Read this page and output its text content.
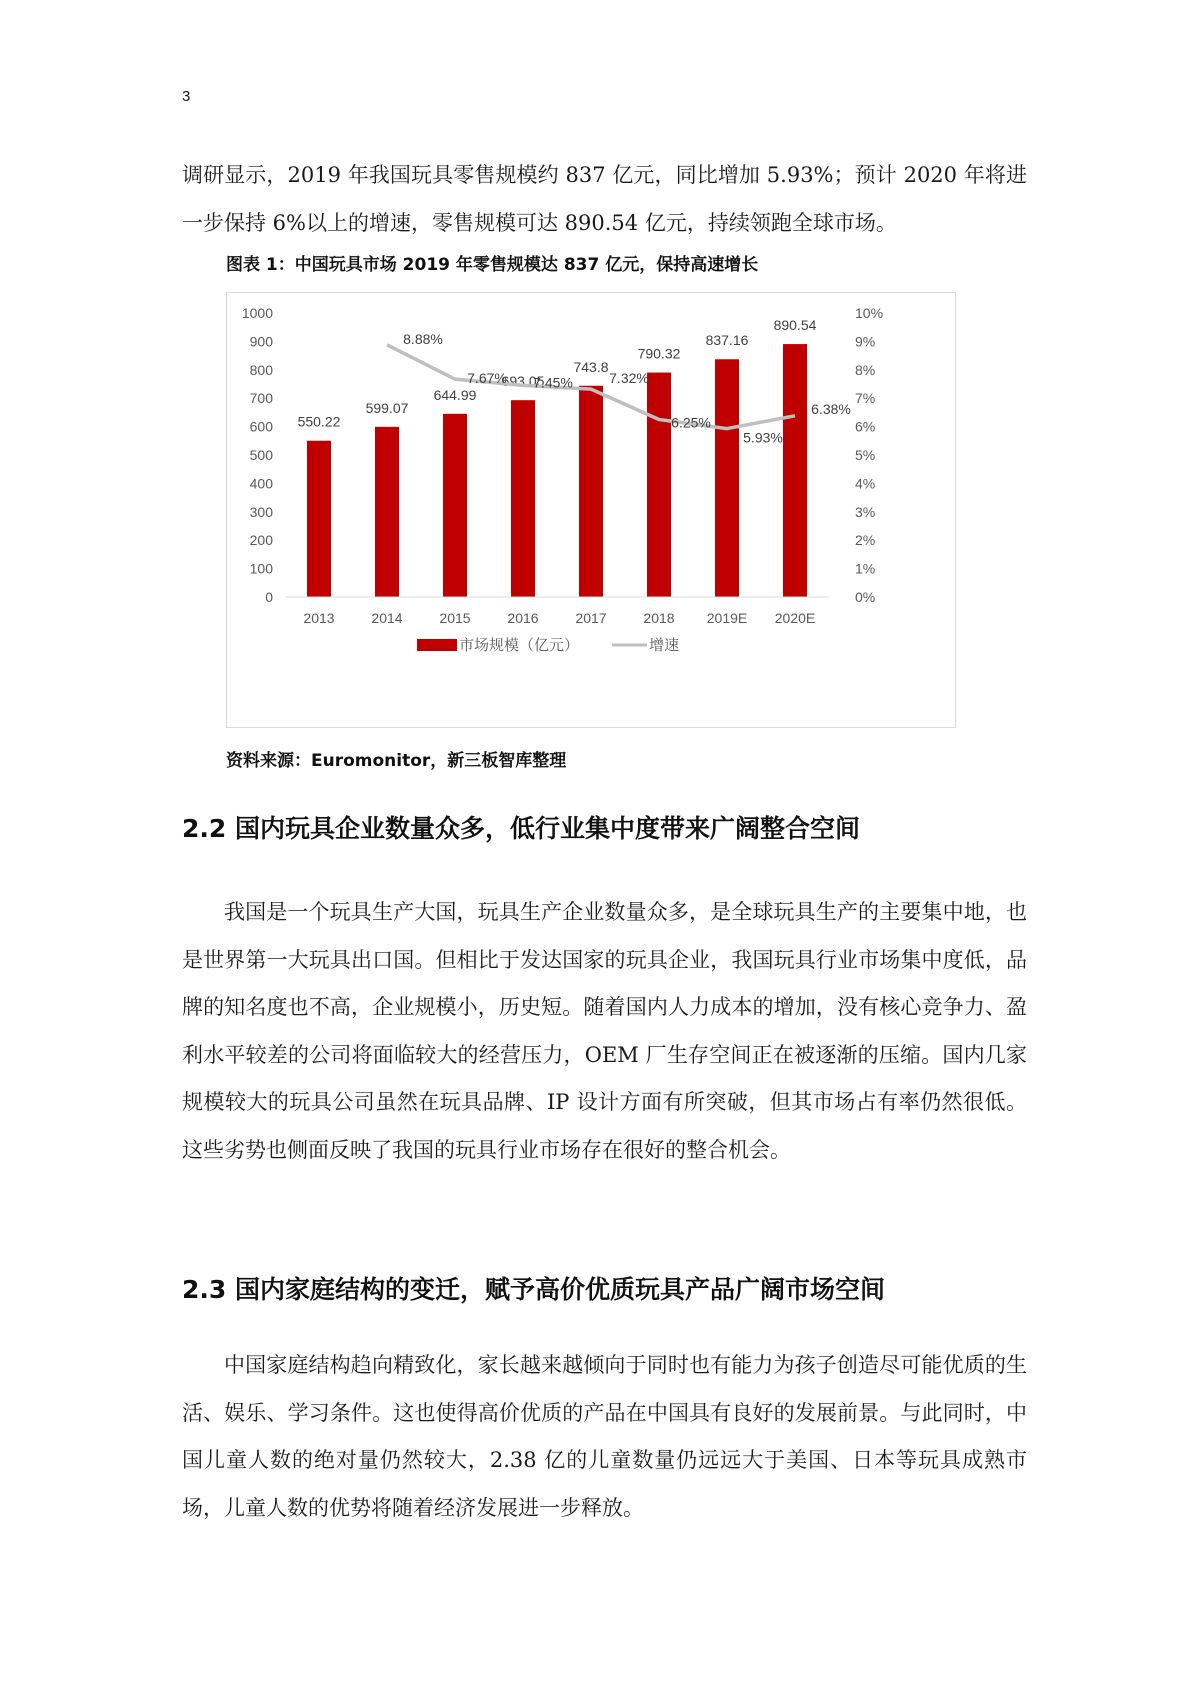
3

调研显示，2019 年我国玩具零售规模约 837 亿元，同比增加 5.93%；预计 2020 年将进一步保持 6%以上的增速，零售规模可达 890.54 亿元，持续领跑全球市场。

图表 1：中国玩具市场 2019 年零售规模达 837 亿元，保持高速增长

0
100
200
300
400
500
600
700
800
900
1000
0%
1%
2%
3%
4%
5%
6%
7%
8%
9%
10%
550.22
599.07
644.99
693.05
743.8
790.32
837.16
890.54
8.88%
7.67% 7.45%	7.32%
6.25%
5.93%
6.38%
2013	2014	2015	2016	2017	2018 2019E 2020E
市场规模（亿元）	增速

资料来源：Euromonitor，新三板智库整理

2.2 国内玩具企业数量众多，低行业集中度带来广阔整合空间

我国是一个玩具生产大国，玩具生产企业数量众多，是全球玩具生产的主要集中地，也是世界第一大玩具出口国。但相比于发达国家的玩具企业，我国玩具行业市场集中度低，品牌的知名度也不高，企业规模小，历史短。随着国内人力成本的增加，没有核心竞争力、盈利水平较差的公司将面临较大的经营压力，OEM 厂生存空间正在被逐渐的压缩。国内几家规模较大的玩具公司虽然在玩具品牌、IP 设计方面有所突破，但其市场占有率仍然很低。这些劣势也侧面反映了我国的玩具行业市场存在很好的整合机会。

2.3 国内家庭结构的变迁，赋予高价优质玩具产品广阔市场空间

中国家庭结构趋向精致化，家长越来越倾向于同时也有能力为孩子创造尽可能优质的生活、娱乐、学习条件。这也使得高价优质的产品在中国具有良好的发展前景。与此同时，中国儿童人数的绝对量仍然较大，2.38 亿的儿童数量仍远远大于美国、日本等玩具成熟市场，儿童人数的优势将随着经济发展进一步释放。
